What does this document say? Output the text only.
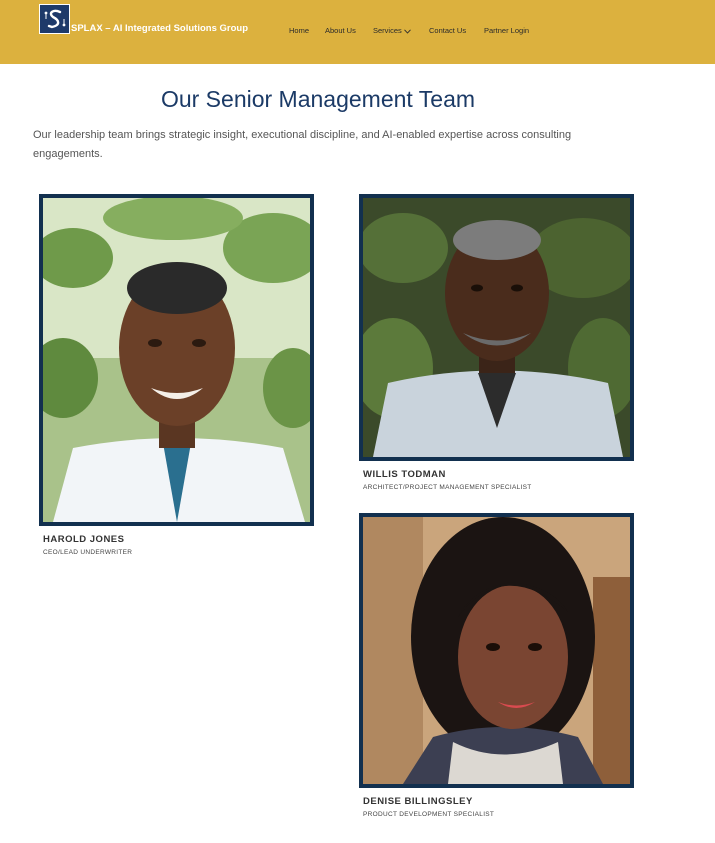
SPLAX – AI Integrated Solutions Group	Home About Us Services	Contact Us Partner Login
Our Senior Management Team

Our leadership team brings strategic insight, executional discipline, and AI-enabled expertise across consulting engagements.

HAROLD JONES
CEO/LEAD UNDERWRITER
WILLIS TODMAN
ARCHITECT/PROJECT MANAGEMENT SPECIALIST
DENISE BILLINGSLEY
PRODUCT DEVELOPMENT SPECIALIST
